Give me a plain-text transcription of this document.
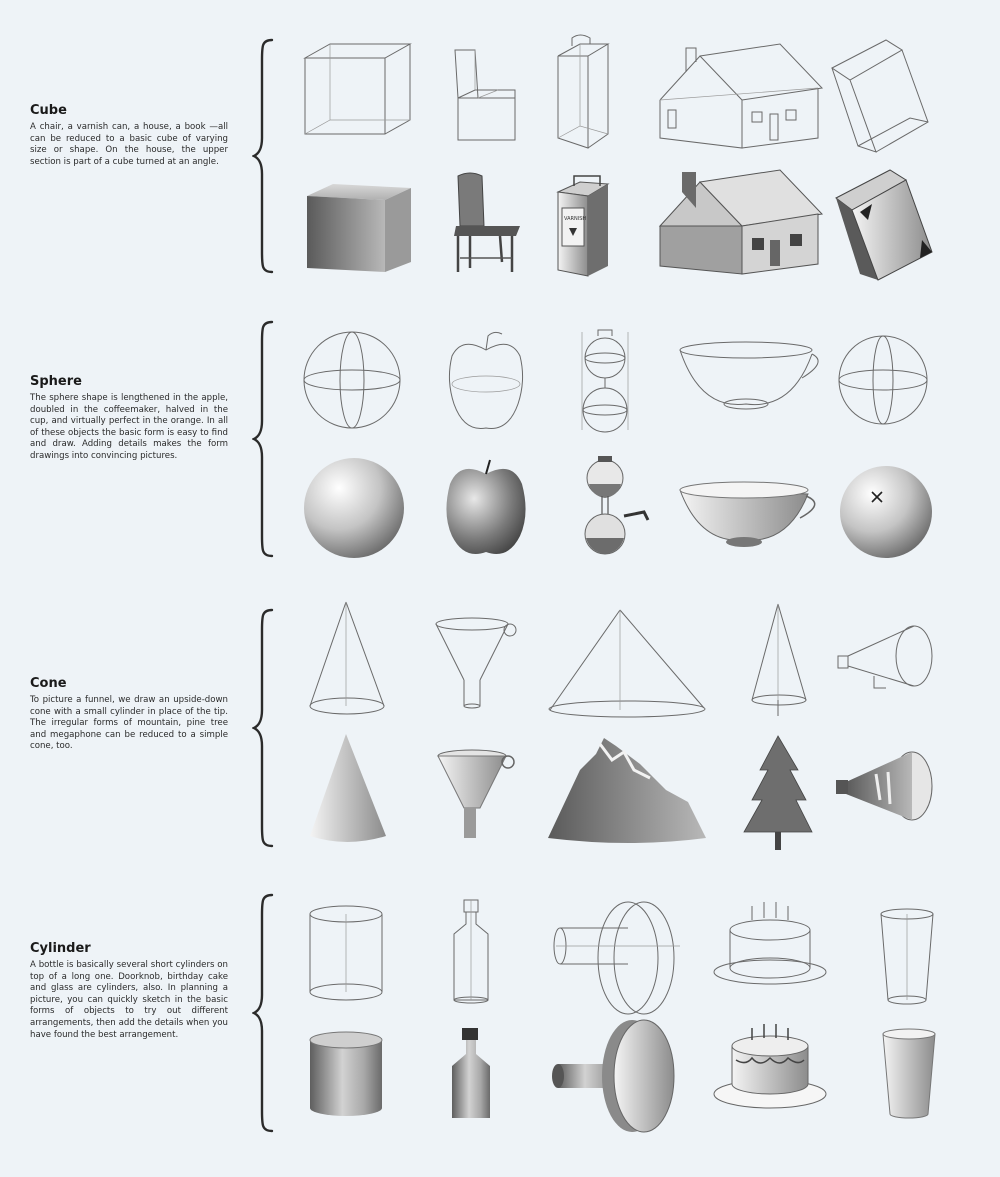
Cube

A chair, a varnish can, a house, a book —all can be reduced to a basic cube of varying size or shape. On the house, the upper section is part of a cube turned at an angle.

Sphere

The sphere shape is lengthened in the apple, doubled in the coffeemaker, halved in the cup, and virtually perfect in the orange. In all of these objects the basic form is easy to find and draw. Adding details makes the form drawings into convincing pictures.

Cone

To picture a funnel, we draw an upside-down cone with a small cylinder in place of the tip. The irregular forms of mountain, pine tree and megaphone can be reduced to a simple cone, too.

Cylinder

A bottle is basically several short cylinders on top of a long one. Doorknob, birthday cake and glass are cylinders, also. In planning a picture, you can quickly sketch in the basic forms of objects to try out different arrangements, then add the details when you have found the best arrangement.

VARNISH
